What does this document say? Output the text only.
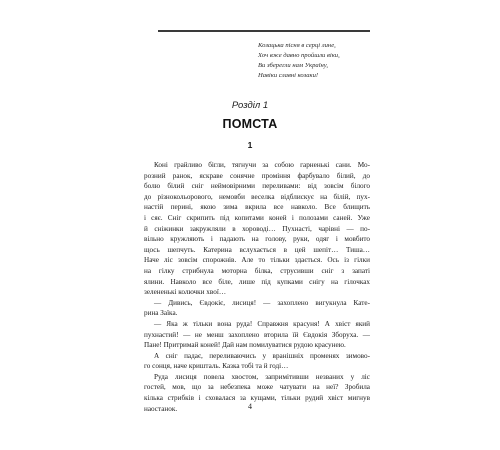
Козацька пісня в серці лине,
Хоч вже давно пройшли віки,
Ви зберегли нам Україну,
Навіки славні козаки!
Розділ 1
ПОМСТА
1
Коні грайливо бігли, тягнучи за собою гарненькі сани. Мо-
розний ранок, яскраве сонячне проміння фарбувало білий, до
болю білий сніг неймовірними переливами: від зовсім білого
до різнокольорового, немовби веселка відблискує на білій, пух-
настій перині, якою зима вкрила все навколо. Все блищить
і сяє. Сніг скрипить під копитами коней і полозами саней. Уже
й сніжинки закружляли в хороводі… Пухнасті, чарівні — по-
вільно кружляють і падають на голову, руки, одяг і мовбито
щось шепчуть. Катерина вслухається в цей шепіт… Тиша…
Наче ліс зовсім спорожнів. Але то тільки здається. Ось із гілки
на гілку стрибнула моторна білка, струсивши сніг з запаті
ялини. Навколо все біле, лише під купками снігу на гілочках
зелененькі колючки хвої…
— Дивись, Євдокіє, лисиця! — захоплено вигукнула Кате-
рина Заїка.
— Яка ж тільки вона руда! Справжня красуня! А хвіст який
пухнастий! — не менш захоплено вторила їй Євдокія Зборуха. —
Пане! Притримай коней! Дай нам помилуватися рудою красунею.
А сніг падає, переливаючись у вранішніх променях зимово-
го сонця, наче кришталь. Казка тобі та й годі…
Руда лисиця повела хвостом, запримітивши незваних у ліс
гостей, мов, що за небезпека може чатувати на неї? Зробила
кілька стрибків і сховалася за кущами, тільки рудий хвіст мигнув
наостанок.	4
